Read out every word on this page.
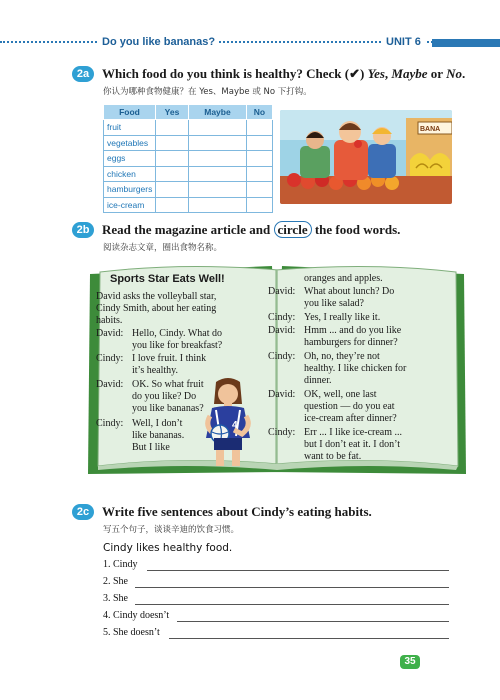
Do you like bananas?	UNIT 6
2a Which food do you think is healthy? Check (✔) Yes, Maybe or No.
你认为哪种食物健康？在 Yes、Maybe 或 No 下打钩。
Food	Yes	Maybe	No
fruit			
vegetables			
eggs			
chicken			
hamburgers			
ice-cream			
BANA
2b Read the magazine article and circle the food words.
阅读杂志文章，圈出食物名称。
4
Sports Star Eats Well!
David asks the volleyball star,
Cindy Smith, about her eating
habits.
David: Hello, Cindy. What do
you like for breakfast?
Cindy: I love fruit. I think
it’s healthy.
David: OK. So what fruit
do you like? Do
you like bananas?
Cindy: Well, I don’t
like bananas.
But I like
oranges and apples.
David: What about lunch? Do
you like salad?
Cindy: Yes, I really like it.
David: Hmm ... and do you like
hamburgers for dinner?
Cindy: Oh, no, they’re not
healthy. I like chicken for
dinner.
David: OK, well, one last
question — do you eat
ice-cream after dinner?
Cindy: Err ... I like ice-cream ...
but I don’t eat it. I don’t
want to be fat.
2c Write five sentences about Cindy’s eating habits.
写五个句子，谈谈辛迪的饮食习惯。
Cindy likes healthy food.
1. Cindy
2. She
3. She
4. Cindy doesn’t
5. She doesn’t
35
